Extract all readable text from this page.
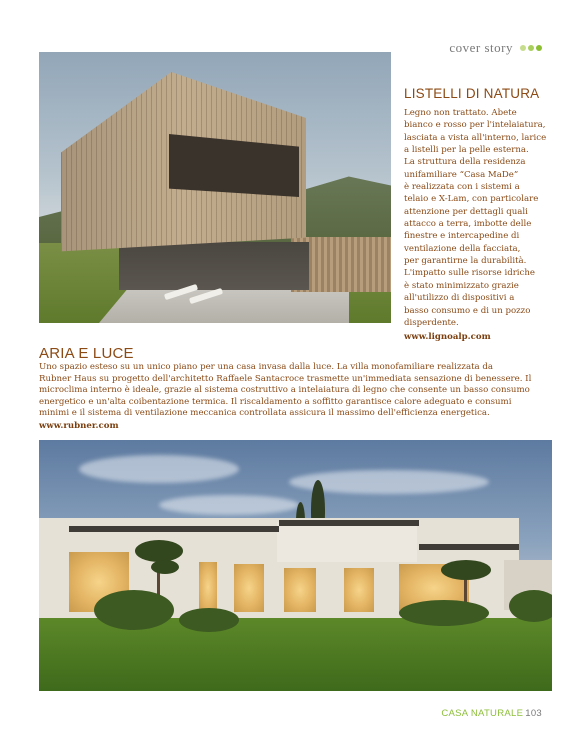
cover story
LISTELLI DI NATURA
Legno non trattato. Abete
bianco e rosso per l'intelaiatura,
lasciata a vista all'interno, larice
a listelli per la pelle esterna.
La struttura della residenza
unifamiliare “Casa MaDe”
è realizzata con i sistemi a
telaio e X-Lam, con particolare
attenzione per dettagli quali
attacco a terra, imbotte delle
finestre e intercapedine di
ventilazione della facciata,
per garantirne la durabilità.
L'impatto sulle risorse idriche
è stato minimizzato grazie
all'utilizzo di dispositivi a
basso consumo e di un pozzo
disperdente.
www.lignoalp.com
ARIA E LUCE
Uno spazio esteso su un unico piano per una casa invasa dalla luce. La villa monofamiliare realizzata da
Rubner Haus su progetto dell'architetto Raffaele Santacroce trasmette un'immediata sensazione di benessere. Il
microclima interno è ideale, grazie al sistema costruttivo a intelaiatura di legno che consente un basso consumo
energetico e un'alta coibentazione termica. Il riscaldamento a soffitto garantisce calore adeguato e consumi
minimi e il sistema di ventilazione meccanica controllata assicura il massimo dell'efficienza energetica.
www.rubner.com
CASA NATURALE 103
